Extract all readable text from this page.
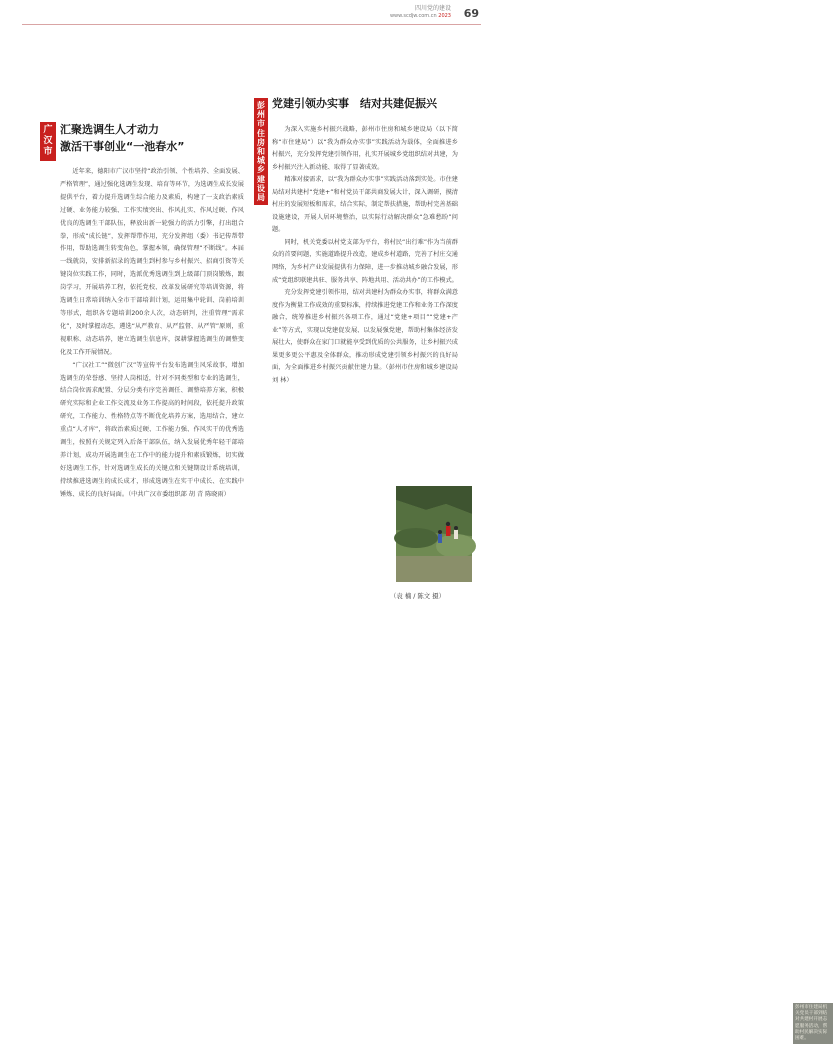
四川党的建设
www.scdjw.com.cn 2023 69
广
汉
市
汇聚选调生人才动力
激活干事创业“一池春水”

近年来，德阳市广汉市坚持“政治引领、个性培养、全面发展、严格管理”，通过强化选调生发现、培育等环节，为选调生成长发展提供平台，着力提升选调生综合能力及素质，构建了一支政治素质过硬、业务能力较强、工作实绩突出、作风扎实、作风过硬、作风优良的选调生干部队伍，释放出新一轮强力的活力引擎，打出组合拳，形成“成长链”，发挥帮带作用，充分发挥组（委）书记传帮带作用，帮助选调生转变角色，掌握本领，确保管理“不断线”。本届一线就岗，安排新招录的选调生到村参与乡村振兴、招商引资等关键岗位实践工作，同时，选派优秀选调生到上级部门顶岗锻炼，跟岗学习，开展培养工程，依托党校、改革发展研究等培训资源，将选调生日常培训纳入全市干部培训计划，运用集中轮训、岗前培训等形式，组织各专题培训200余人次，动态研判，注重管理“需求化”，及时掌握动态，遴选“从严教育、从严监督、从严管”原则，重视职称、动态培养，建立选调生信息库，深耕掌握选调生的调整变化及工作开展情况。

“广汉社工”“微创广汉”等宣传平台发布选调生风采故事，增加选调生的荣誉感、坚持人岗相适，针对不同类型和专业的选调生，结合岗位需求配置、分层分类有序完善调任、调整培养方案，积极研究实际和企业工作交流及业务工作提高的时间段，依托提升政策研究，工作能力、性格特点等不断优化培养方案，选用结合，建立重点“人才库”，将政治素质过硬、工作能力强、作风实干的优秀选调生，按照有关规定列入后备干部队伍，纳入发展优秀年轻干部培养计划，成功开展选调生在工作中的能力提升和素质锻炼，切实做好选调生工作，针对选调生成长的关键点和关键期设计系统培训，持续推进选调生的成长成才，形成选调生在实干中成长、在实践中锤炼、成长的良好局面。（中共广汉市委组织部 胡 青 陈晓雨）

彭
州
市
住
房
和
城
乡
建
设
局
党建引领办实事　结对共建促振兴

为深入实施乡村振兴战略，彭州市住房和城乡建设局（以下简称“市住建局”）以“我为群众办实事”实践活动为载体，全面推进乡村振兴，充分发挥党建引领作用，扎实开展城乡党组织结对共建，为乡村振兴注入新动能、取得了显著成效。

精准对接需求，以“我为群众办实事”实践活动落到实处。市住建局结对共建村“党建+”和村党员干部共商发展大计，深入调研，摸清村庄的发展短板和需求，结合实际，制定帮扶措施，帮助村完善基础设施建设，开展人居环境整治，以实际行动解决群众“急难愁盼”问题。

同时，机关党委以村党支部为平台，将村民“出行难”作为当前群众的首要问题，实施道路提升改造，建成乡村道路，完善了村庄交通网络，为乡村产业发展提供有力保障，进一步推动城乡融合发展，形成“党组织联建共驻、服务共享、阵地共用、活动共办”的工作模式。

充分发挥党建引领作用，结对共建村为群众办实事，将群众满意度作为衡量工作成效的重要标准，持续推进党建工作和业务工作深度融合，统筹推进乡村振兴各项工作，通过“党建+项目”“党建+产业”等方式，实现以党建促发展、以发展强党建，帮助村集体经济发展壮大，使群众在家门口就能享受到优质的公共服务，让乡村振兴成果更多更公平惠及全体群众，推动形成党建引领乡村振兴的良好局面，为全面推进乡村振兴贡献住建力量。（彭州市住房和城乡建设局 刘 林）

彭州市住建局机关党员干部到结对共建村开展志愿服务活动，帮助村民解决实际困难。
（袁 楠 / 陈文 摄）
